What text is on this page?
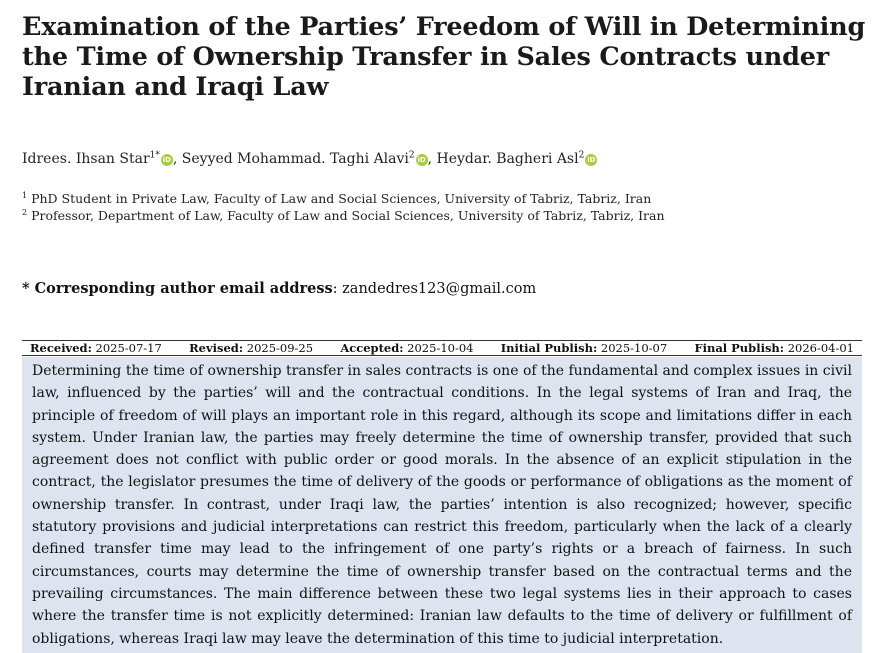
Examination of the Parties’ Freedom of Will in Determining the Time of Ownership Transfer in Sales Contracts under Iranian and Iraqi Law
Idrees. Ihsan Star$^{1*}$ iD , Seyyed Mohammad. Taghi Alavi$^2$ iD , Heydar. Bagheri Asl$^2$ iD
$^1$ PhD Student in Private Law, Faculty of Law and Social Sciences, University of Tabriz, Tabriz, Iran
$^2$ Professor, Department of Law, Faculty of Law and Social Sciences, University of Tabriz, Tabriz, Iran
* Corresponding author email address: zandedres123@gmail.com
Received: 2025-07-17 Revised: 2025-09-25 Accepted: 2025-10-04 Initial Publish: 2025-10-07 Final Publish: 2026-04-01
Determining the time of ownership transfer in sales contracts is one of the fundamental and complex issues in civil law, influenced by the parties’ will and the contractual conditions. In the legal systems of Iran and Iraq, the principle of freedom of will plays an important role in this regard, although its scope and limitations differ in each system. Under Iranian law, the parties may freely determine the time of ownership transfer, provided that such agreement does not conflict with public order or good morals. In the absence of an explicit stipulation in the contract, the legislator presumes the time of delivery of the goods or performance of obligations as the moment of ownership transfer. In contrast, under Iraqi law, the parties’ intention is also recognized; however, specific statutory provisions and judicial interpretations can restrict this freedom, particularly when the lack of a clearly defined transfer time may lead to the infringement of one party’s rights or a breach of fairness. In such circumstances, courts may determine the time of ownership transfer based on the contractual terms and the prevailing circumstances. The main difference between these two legal systems lies in their approach to cases where the transfer time is not explicitly determined: Iranian law defaults to the time of delivery or fulfillment of obligations, whereas Iraqi law may leave the determination of this time to judicial interpretation.
